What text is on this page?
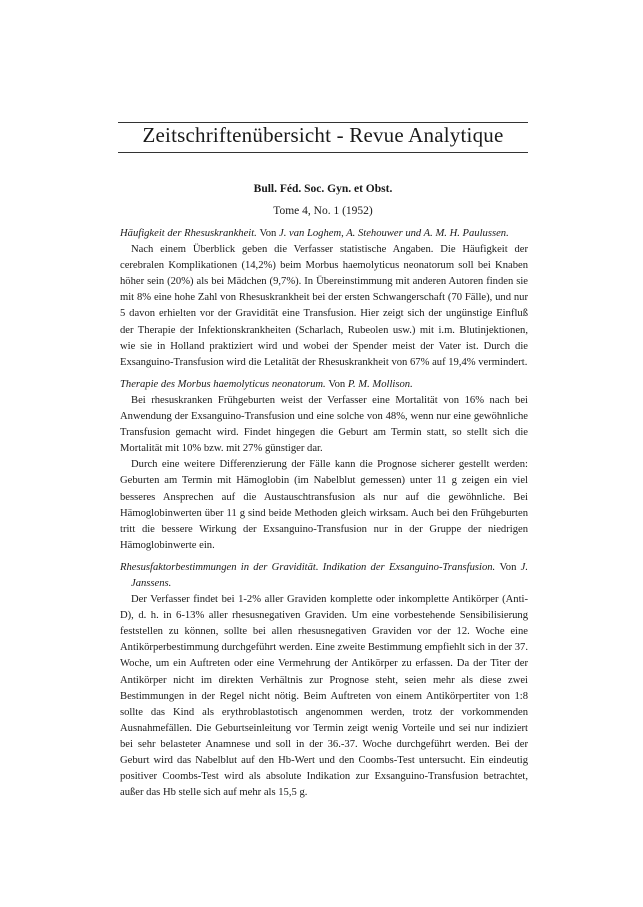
Zeitschriftenübersicht - Revue Analytique
Bull. Féd. Soc. Gyn. et Obst.
Tome 4, No. 1 (1952)
Häufigkeit der Rhesuskrankheit. Von J. van Loghem, A. Stehouwer und A. M. H. Paulussen.

Nach einem Überblick geben die Verfasser statistische Angaben. Die Häufigkeit der cerebralen Komplikationen (14,2%) beim Morbus haemolyticus neonatorum soll bei Knaben höher sein (20%) als bei Mädchen (9,7%). In Übereinstimmung mit anderen Autoren finden sie mit 8% eine hohe Zahl von Rhesuskrankheit bei der ersten Schwangerschaft (70 Fälle), und nur 5 davon erhielten vor der Gravidität eine Transfusion. Hier zeigt sich der ungünstige Einfluß der Therapie der Infektionskrankheiten (Scharlach, Rubeolen usw.) mit i.m. Blutinjektionen, wie sie in Holland praktiziert wird und wobei der Spender meist der Vater ist. Durch die Exsanguino-Transfusion wird die Letalität der Rhesuskrankheit von 67% auf 19,4% vermindert.

Therapie des Morbus haemolyticus neonatorum. Von P. M. Mollison.

Bei rhesuskranken Frühgeburten weist der Verfasser eine Mortalität von 16% nach bei Anwendung der Exsanguino-Transfusion und eine solche von 48%, wenn nur eine gewöhnliche Transfusion gemacht wird. Findet hingegen die Geburt am Termin statt, so stellt sich die Mortalität mit 10% bzw. mit 27% günstiger dar.

Durch eine weitere Differenzierung der Fälle kann die Prognose sicherer gestellt werden: Geburten am Termin mit Hämoglobin (im Nabelblut gemessen) unter 11 g zeigen ein viel besseres Ansprechen auf die Austauschtransfusion als nur auf die gewöhnliche. Bei Hämoglobinwerten über 11 g sind beide Methoden gleich wirksam. Auch bei den Frühgeburten tritt die bessere Wirkung der Exsanguino-Transfusion nur in der Gruppe der niedrigen Hämoglobinwerte ein.

Rhesusfaktorbestimmungen in der Gravidität. Indikation der Exsanguino-Transfusion. Von J. Janssens.

Der Verfasser findet bei 1-2% aller Graviden komplette oder inkomplette Antikörper (Anti-D), d. h. in 6-13% aller rhesusnegativen Graviden. Um eine vorbestehende Sensibilisierung feststellen zu können, sollte bei allen rhesusnegativen Graviden vor der 12. Woche eine Antikörperbestimmung durchgeführt werden. Eine zweite Bestimmung empfiehlt sich in der 37. Woche, um ein Auftreten oder eine Vermehrung der Antikörper zu erfassen. Da der Titer der Antikörper nicht im direkten Verhältnis zur Prognose steht, seien mehr als diese zwei Bestimmungen in der Regel nicht nötig. Beim Auftreten von einem Antikörpertiter von 1:8 sollte das Kind als erythroblastotisch angenommen werden, trotz der vorkommenden Ausnahmefällen. Die Geburtseinleitung vor Termin zeigt wenig Vorteile und sei nur indiziert bei sehr belasteter Anamnese und soll in der 36.-37. Woche durchgeführt werden. Bei der Geburt wird das Nabelblut auf den Hb-Wert und den Coombs-Test untersucht. Ein eindeutig positiver Coombs-Test wird als absolute Indikation zur Exsanguino-Transfusion betrachtet, außer das Hb stelle sich auf mehr als 15,5 g.
